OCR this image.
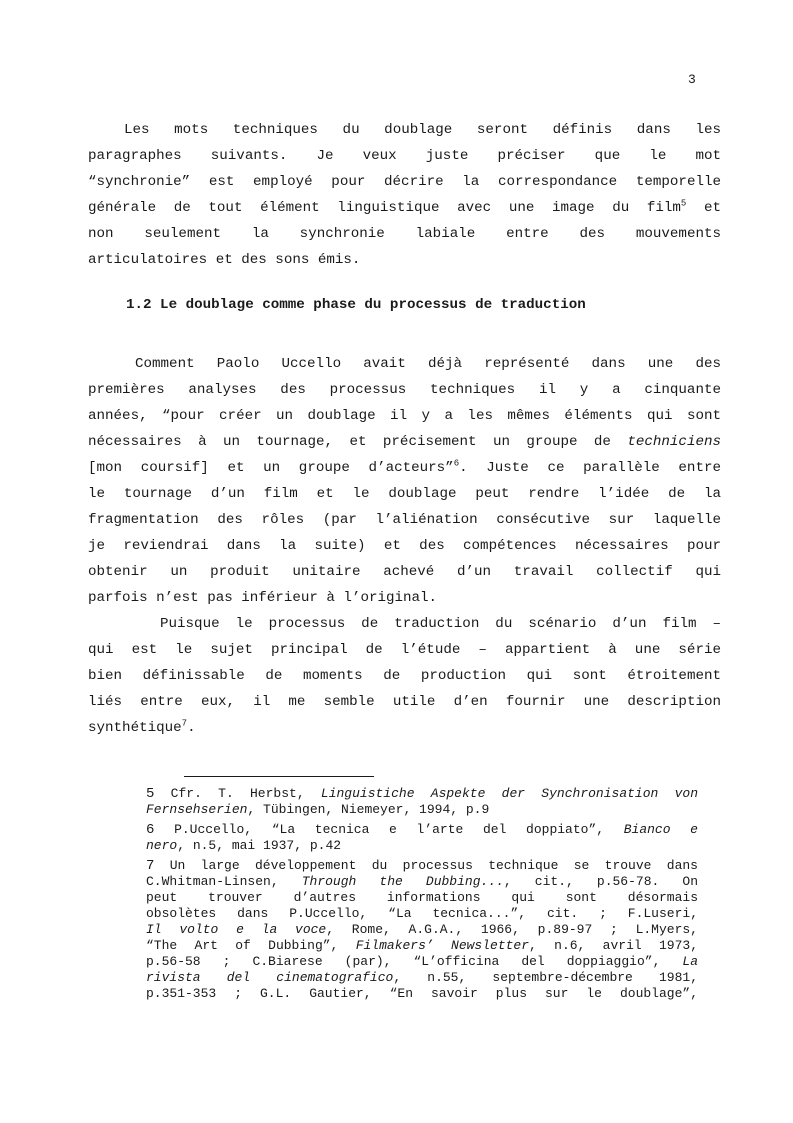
3
Les mots techniques du doublage seront définis dans les
paragraphes suivants. Je veux juste préciser que le mot
“synchronie” est employé pour décrire la correspondance temporelle
générale de tout élément linguistique avec une image du film$^5$ et
non seulement la synchronie labiale entre des mouvements
articulatoires et des sons émis.
1.2 Le doublage comme phase du processus de traduction
Comment Paolo Uccello avait déjà représenté dans une des
premières analyses des processus techniques il y a cinquante
années, “pour créer un doublage il y a les mêmes éléments qui sont
nécessaires à un tournage, et précisement un groupe de techniciens
[mon coursif] et un groupe d’acteurs”$^6$. Juste ce parallèle entre
le tournage d’un film et le doublage peut rendre l’idée de la
fragmentation des rôles (par l’aliénation consécutive sur laquelle
je reviendrai dans la suite) et des compétences nécessaires pour
obtenir un produit unitaire achevé d’un travail collectif qui
parfois n’est pas inférieur à l’original.
Puisque le processus de traduction du scénario d’un film –
qui est le sujet principal de l’étude – appartient à une série
bien définissable de moments de production qui sont étroitement
liés entre eux, il me semble utile d’en fournir une description
synthétique$^7$.
5 Cfr. T. Herbst, Linguistiche Aspekte der Synchronisation von
Fernsehserien, Tübingen, Niemeyer, 1994, p.9
6 P.Uccello, “La tecnica e l’arte del doppiato”, Bianco e
nero, n.5, mai 1937, p.42
7 Un large développement du processus technique se trouve dans
C.Whitman-Linsen, Through the Dubbing..., cit., p.56-78. On
peut trouver d’autres informations qui sont désormais
obsolètes dans P.Uccello, “La tecnica...”, cit. ; F.Luseri,
Il volto e la voce, Rome, A.G.A., 1966, p.89-97 ; L.Myers,
“The Art of Dubbing”, Filmakers’ Newsletter, n.6, avril 1973,
p.56-58 ; C.Biarese (par), “L’officina del doppiaggio”, La
rivista del cinematografico, n.55, septembre-décembre 1981,
p.351-353 ; G.L. Gautier, “En savoir plus sur le doublage”,
